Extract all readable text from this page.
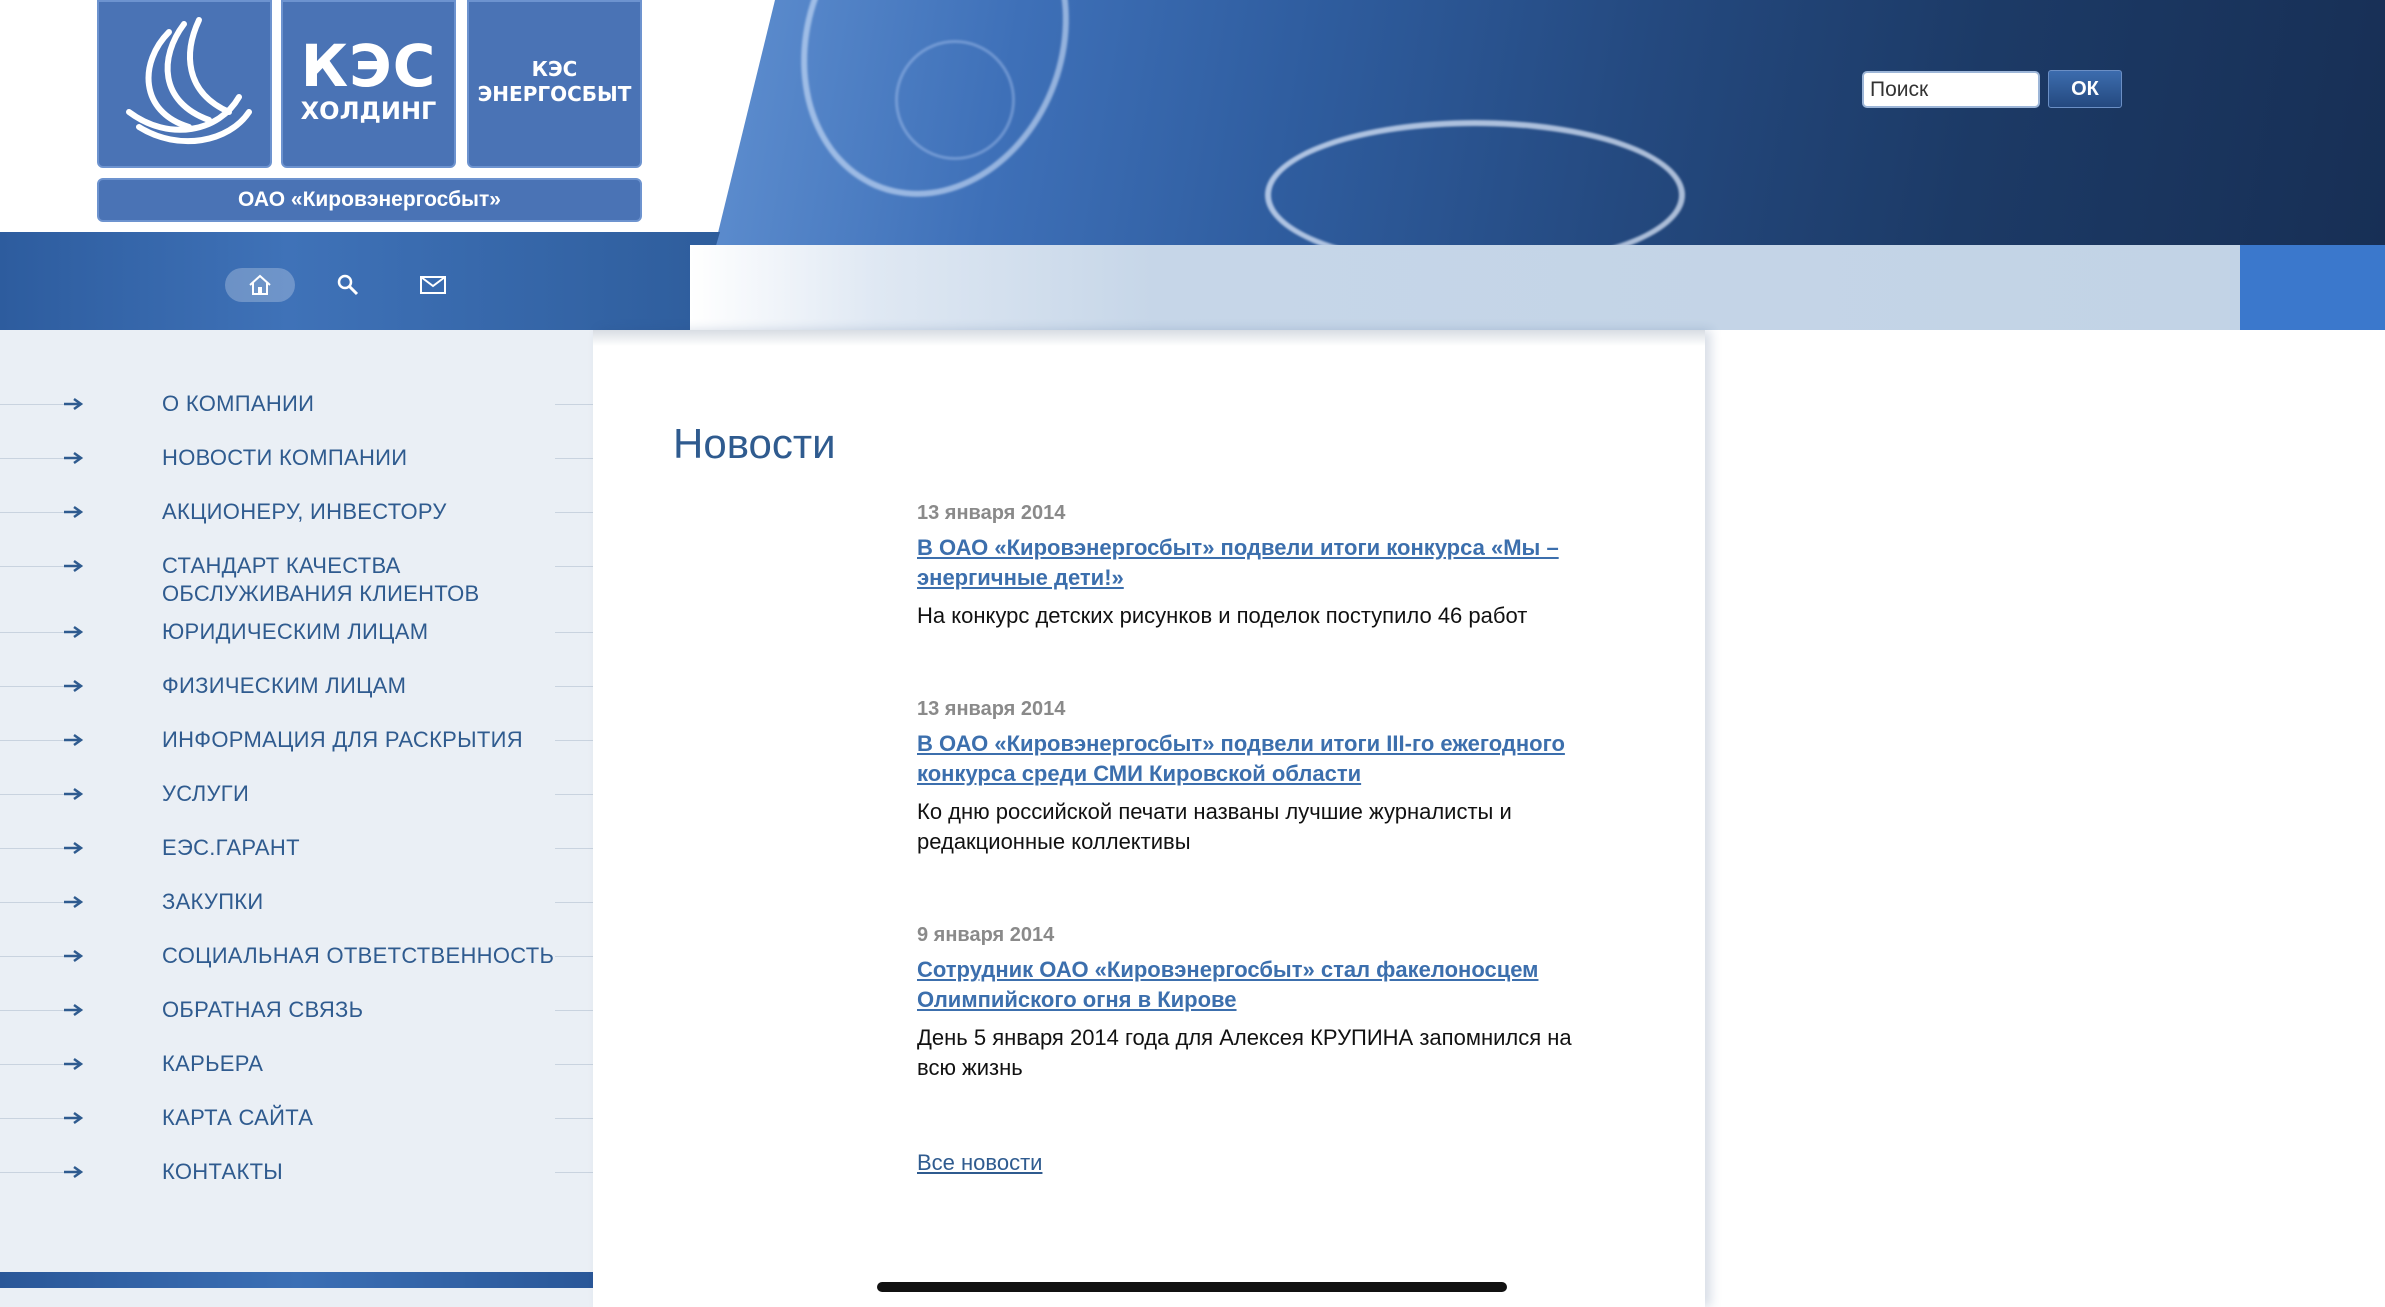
КЭС
ХОЛДИНГ
КЭС
ЭНЕРГОСБЫТ
ОАО «Кировэнергосбыт»
Поиск
ОК
О КОМПАНИИ
НОВОСТИ КОМПАНИИ
АКЦИОНЕРУ, ИНВЕСТОРУ
СТАНДАРТ КАЧЕСТВА ОБСЛУЖИВАНИЯ КЛИЕНТОВ
ЮРИДИЧЕСКИМ ЛИЦАМ
ФИЗИЧЕСКИМ ЛИЦАМ
ИНФОРМАЦИЯ ДЛЯ РАСКРЫТИЯ
УСЛУГИ
ЕЭС.ГАРАНТ
ЗАКУПКИ
СОЦИАЛЬНАЯ ОТВЕТСТВЕННОСТЬ
ОБРАТНАЯ СВЯЗЬ
КАРЬЕРА
КАРТА САЙТА
КОНТАКТЫ
Новости
13 января 2014
В ОАО «Кировэнергосбыт» подвели итоги конкурса «Мы – энергичные дети!»
На конкурс детских рисунков и поделок поступило 46 работ
13 января 2014
В ОАО «Кировэнергосбыт» подвели итоги III-го ежегодного конкурса среди СМИ Кировской области
Ко дню российской печати названы лучшие журналисты и редакционные коллективы
9 января 2014
Сотрудник ОАО «Кировэнергосбыт» стал факелоносцем Олимпийского огня в Кирове
День 5 января 2014 года для Алексея КРУПИНА запомнился на всю жизнь
Все новости
